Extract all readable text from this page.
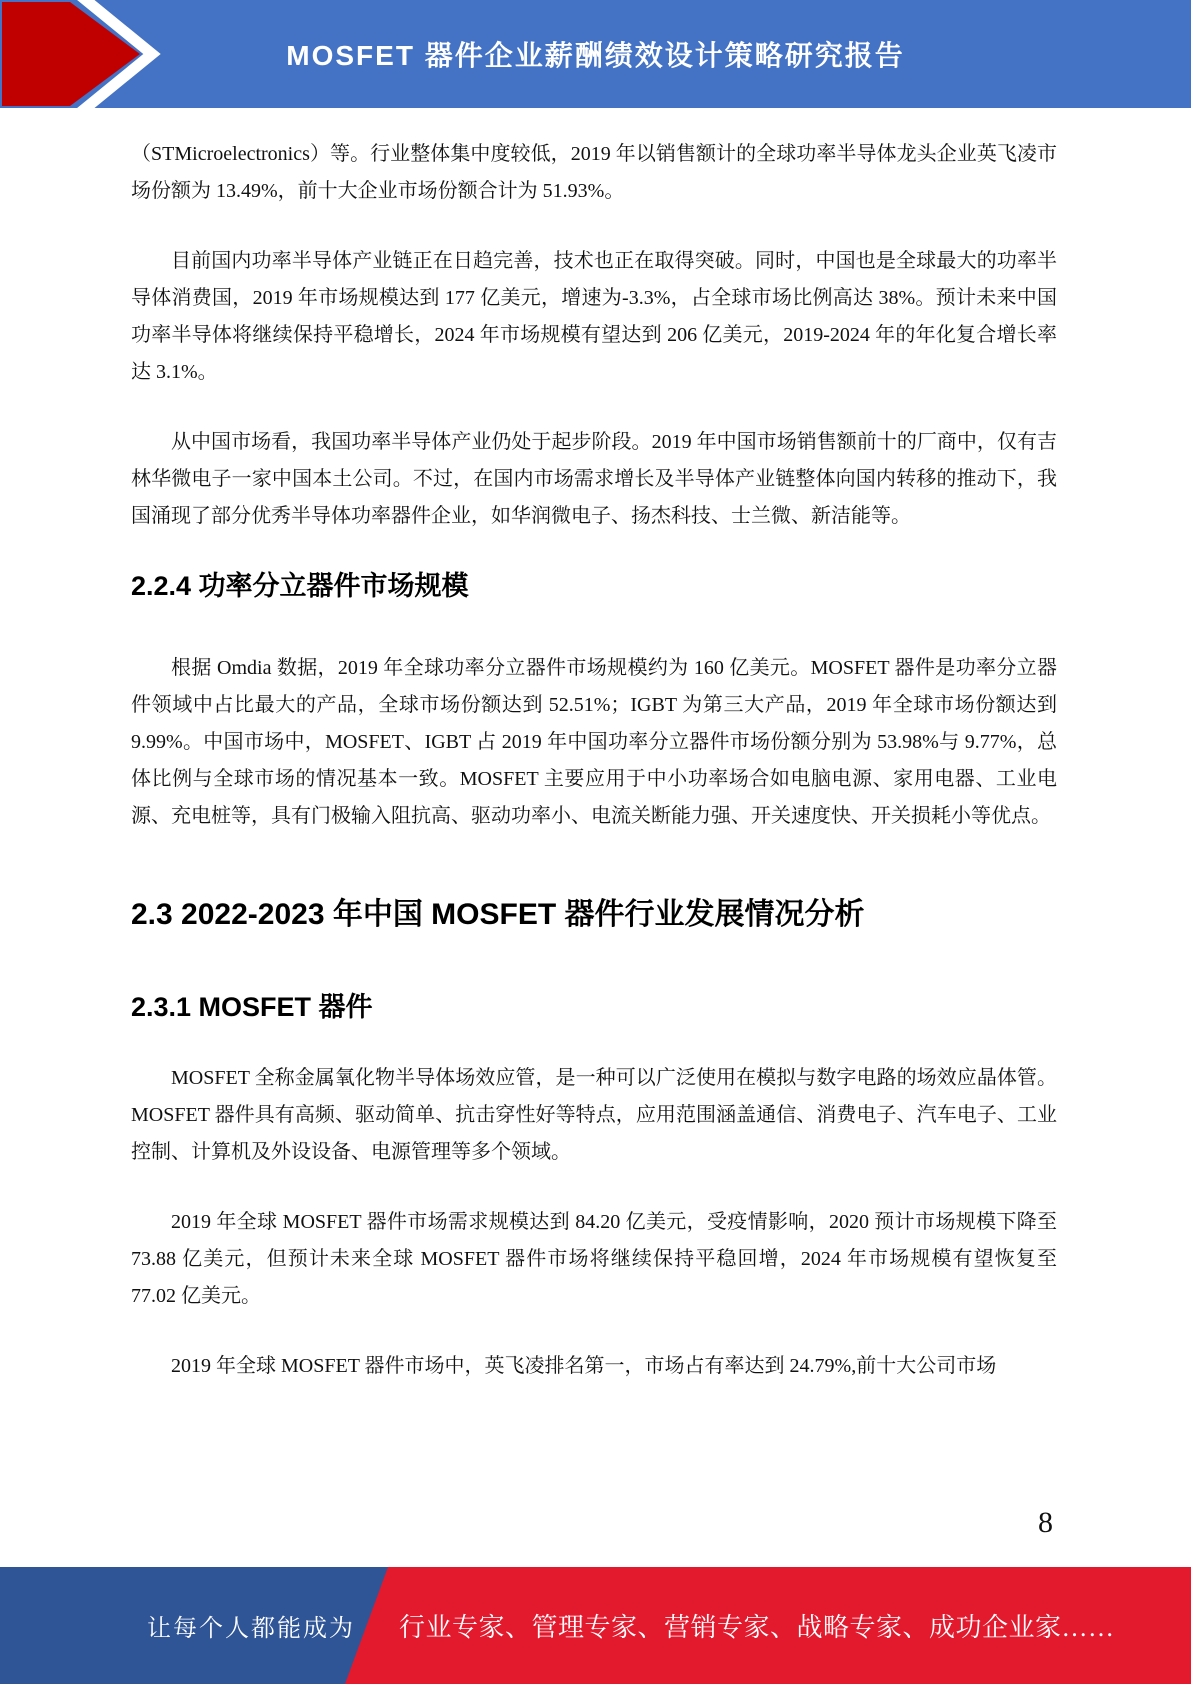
MOSFET 器件企业薪酬绩效设计策略研究报告

（STMicroelectronics）等。行业整体集中度较低，2019 年以销售额计的全球功率半导体龙头企业英飞凌市场份额为 13.49%，前十大企业市场份额合计为 51.93%。

目前国内功率半导体产业链正在日趋完善，技术也正在取得突破。同时，中国也是全球最大的功率半导体消费国，2019 年市场规模达到 177 亿美元，增速为-3.3%，占全球市场比例高达 38%。预计未来中国功率半导体将继续保持平稳增长，2024 年市场规模有望达到 206 亿美元，2019-2024 年的年化复合增长率达 3.1%。

从中国市场看，我国功率半导体产业仍处于起步阶段。2019 年中国市场销售额前十的厂商中，仅有吉林华微电子一家中国本土公司。不过，在国内市场需求增长及半导体产业链整体向国内转移的推动下，我国涌现了部分优秀半导体功率器件企业，如华润微电子、扬杰科技、士兰微、新洁能等。

2.2.4 功率分立器件市场规模

根据 Omdia 数据，2019 年全球功率分立器件市场规模约为 160 亿美元。MOSFET 器件是功率分立器件领域中占比最大的产品，全球市场份额达到 52.51%；IGBT 为第三大产品，2019 年全球市场份额达到 9.99%。中国市场中，MOSFET、IGBT 占 2019 年中国功率分立器件市场份额分别为 53.98%与 9.77%，总体比例与全球市场的情况基本一致。MOSFET 主要应用于中小功率场合如电脑电源、家用电器、工业电源、充电桩等，具有门极输入阻抗高、驱动功率小、电流关断能力强、开关速度快、开关损耗小等优点。

2.3 2022-2023 年中国 MOSFET 器件行业发展情况分析
2.3.1 MOSFET 器件

MOSFET 全称金属氧化物半导体场效应管，是一种可以广泛使用在模拟与数字电路的场效应晶体管。MOSFET 器件具有高频、驱动简单、抗击穿性好等特点，应用范围涵盖通信、消费电子、汽车电子、工业控制、计算机及外设设备、电源管理等多个领域。

2019 年全球 MOSFET 器件市场需求规模达到 84.20 亿美元，受疫情影响，2020 预计市场规模下降至 73.88 亿美元，但预计未来全球 MOSFET 器件市场将继续保持平稳回增，2024 年市场规模有望恢复至 77.02 亿美元。

2019 年全球 MOSFET 器件市场中，英飞凌排名第一，市场占有率达到 24.79%,前十大公司市场

8
让每个人都能成为 行业专家、管理专家、营销专家、战略专家、成功企业家……
